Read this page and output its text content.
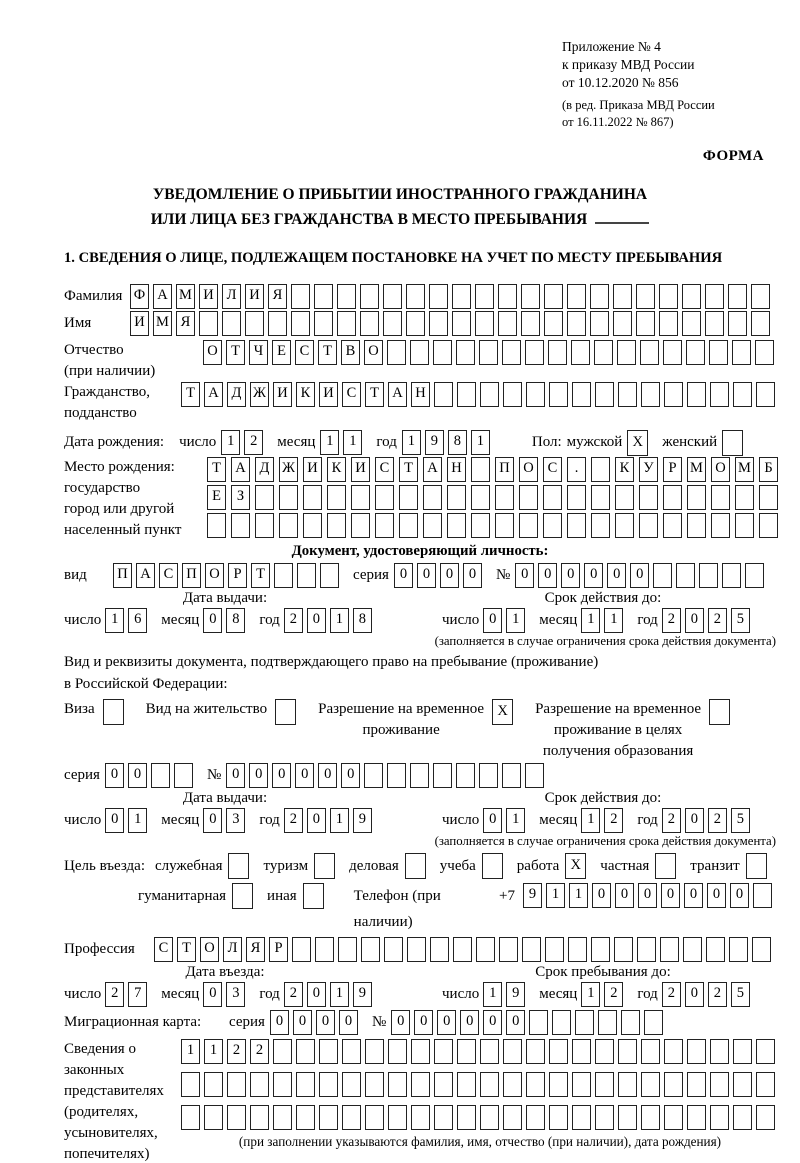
Приложение № 4
к приказу МВД России
от 10.12.2020 № 856
(в ред. Приказа МВД России
от 16.11.2022 № 867)
ФОРМА
УВЕДОМЛЕНИЕ О ПРИБЫТИИ ИНОСТРАННОГО ГРАЖДАНИНА
ИЛИ ЛИЦА БЕЗ ГРАЖДАНСТВА В МЕСТО ПРЕБЫВАНИЯ
1. СВЕДЕНИЯ О ЛИЦЕ, ПОДЛЕЖАЩЕМ ПОСТАНОВКЕ НА УЧЕТ ПО МЕСТУ ПРЕБЫВАНИЯ
Фамилия Ф А М И Л И Я
Имя	И М Я
Отчество
(при наличии)
О Т Ч Е С Т В О
Гражданство,
подданство
Т А Д Ж И К И С Т А Н
Дата рождения: число 1 2	месяц 1 1	год 1 9 8 1	Пол: мужской X	женский
Место рождения:
государство
город или другой
населенный пункт
Т А Д Ж И К И С Т А Н	П О С .	К У Р М О М Б
Е З
Документ, удостоверяющий личность:
вид	П А С П О Р Т	серия 0 0 0 0	№ 0 0 0 0 0 0
Дата выдачи:
число 1 6	месяц 0 8	год 2 0 1 8
Срок действия до:
число 0 1	месяц 1 1	год 2 0 2 5
(заполняется в случае ограничения срока действия документа)
Вид и реквизиты документа, подтверждающего право на пребывание (проживание)
в Российской Федерации:
Виза	Вид на жительство	Разрешение на временное
проживание
X	Разрешение на временное
проживание в целях
получения образования
серия 0 0	№ 0 0 0 0 0 0
Дата выдачи:
число 0 1	месяц 0 3	год 2 0 1 9
Срок действия до:
число 0 1	месяц 1 2	год 2 0 2 5
(заполняется в случае ограничения срока действия документа)
Цель въезда: служебная	туризм	деловая	учеба	работа X	частная	транзит
гуманитарная	иная	Телефон (при наличии)
+7 9 1 1 0 0 0 0 0 0 0
Профессия	С Т О Л Я Р
Дата въезда:
число 2 7	месяц 0 3	год 2 0 1 9
Срок пребывания до:
число 1 9	месяц 1 2	год 2 0 2 5
Миграционная карта:	серия 0 0 0 0	№ 0 0 0 0 0 0
Сведения о
законных
представителях
(родителях,
усыновителях,
попечителях)
1 1 2 2
(при заполнении указываются фамилия, имя, отчество (при наличии), дата рождения)
